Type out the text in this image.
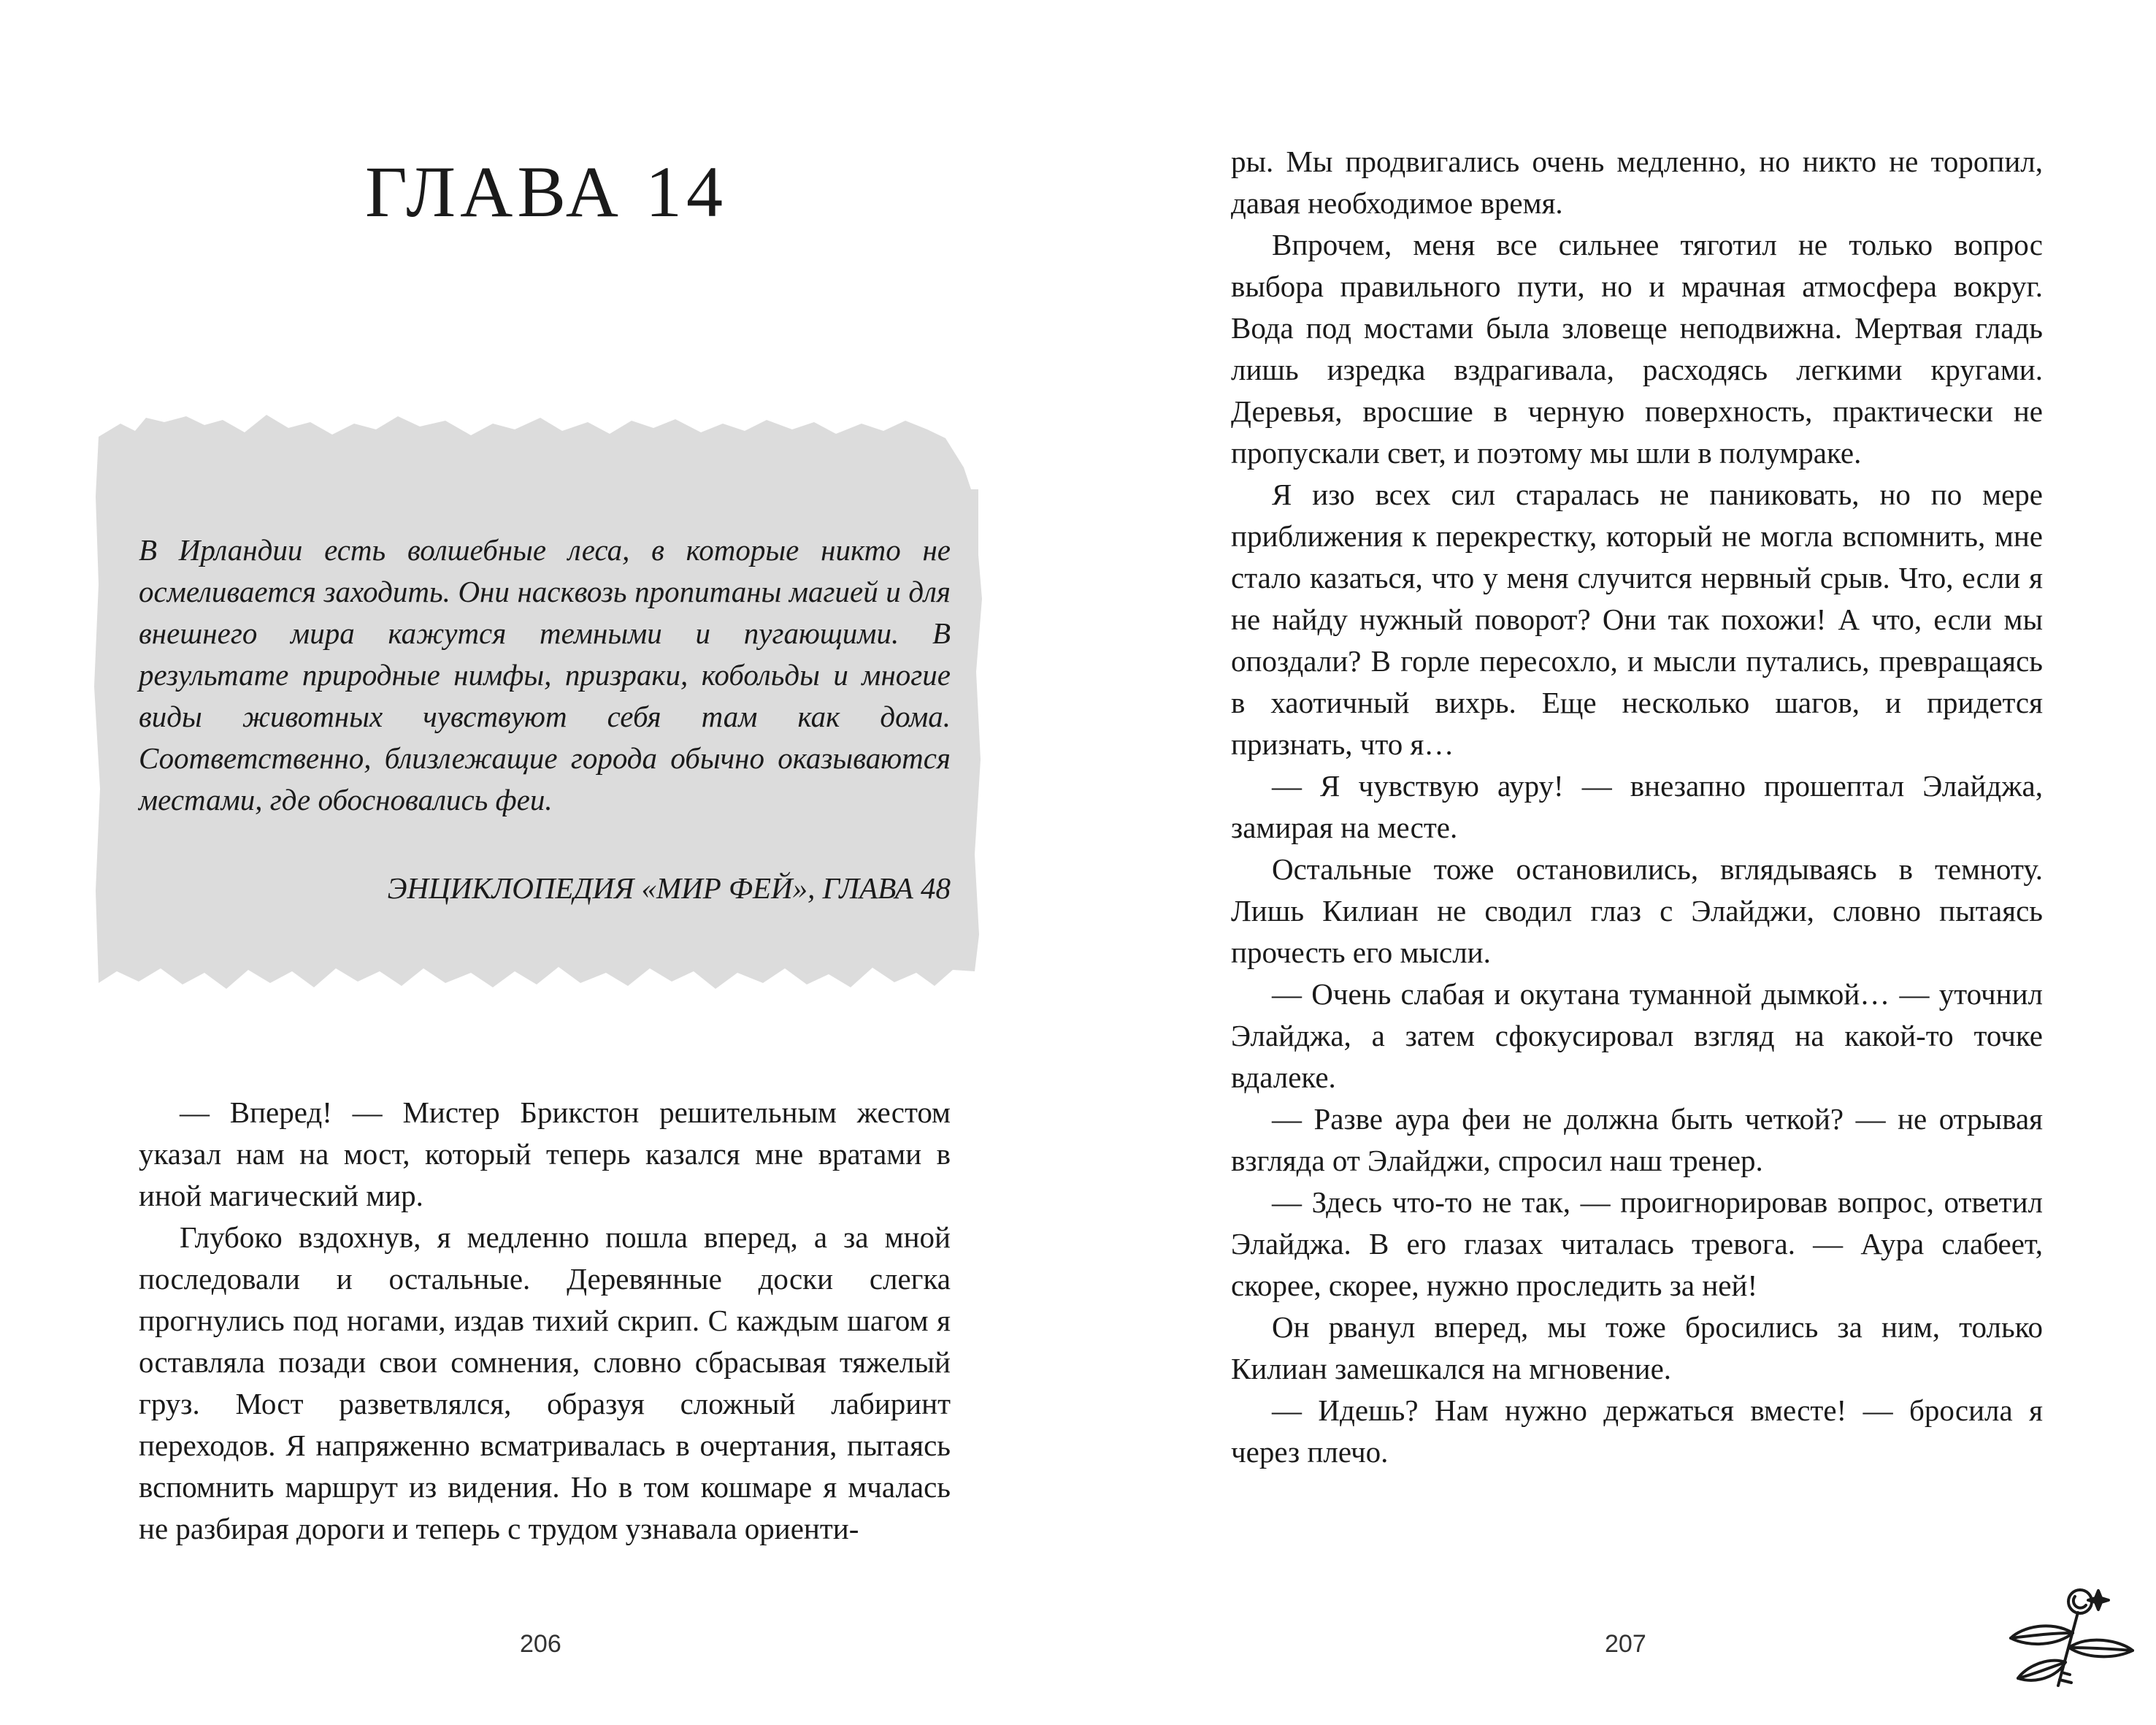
ГЛАВА 14
В Ирландии есть волшебные леса, в которые никто не осмеливается заходить. Они насквозь пропитаны магией и для внешнего мира кажутся темными и пугающими. В результате природные нимфы, призраки, кобольды и многие виды животных чувствуют себя там как дома. Соответственно, близлежащие города обычно оказываются местами, где обосновались феи.
ЭНЦИКЛОПЕДИЯ «МИР ФЕЙ», ГЛАВА 48

— Вперед! — Мистер Брикстон решительным жестом указал нам на мост, который теперь казался мне вратами в иной магический мир.

Глубоко вздохнув, я медленно пошла вперед, а за мной последовали и остальные. Деревянные доски слегка прогнулись под ногами, издав тихий скрип. С каждым шагом я оставляла позади свои сомнения, словно сбрасывая тяжелый груз. Мост разветвлялся, образуя сложный лабиринт переходов. Я напряженно всматривалась в очертания, пытаясь вспомнить маршрут из видения. Но в том кошмаре я мчалась не разбирая дороги и теперь с трудом узнавала ориенти-

206

ры. Мы продвигались очень медленно, но никто не торопил, давая необходимое время.

Впрочем, меня все сильнее тяготил не только вопрос выбора правильного пути, но и мрачная атмосфера вокруг. Вода под мостами была зловеще неподвижна. Мертвая гладь лишь изредка вздрагивала, расходясь легкими кругами. Деревья, вросшие в черную поверхность, практически не пропускали свет, и поэтому мы шли в полумраке.

Я изо всех сил старалась не паниковать, но по мере приближения к перекрестку, который не могла вспомнить, мне стало казаться, что у меня случится нервный срыв. Что, если я не найду нужный поворот? Они так похожи! А что, если мы опоздали? В горле пересохло, и мысли путались, превращаясь в хаотичный вихрь. Еще несколько шагов, и придется признать, что я…

— Я чувствую ауру! — внезапно прошептал Элайджа, замирая на месте.

Остальные тоже остановились, вглядываясь в темноту. Лишь Килиан не сводил глаз с Элайджи, словно пытаясь прочесть его мысли.

— Очень слабая и окутана туманной дымкой… — уточнил Элайджа, а затем сфокусировал взгляд на какой-то точке вдалеке.

— Разве аура феи не должна быть четкой? — не отрывая взгляда от Элайджи, спросил наш тренер.

— Здесь что-то не так, — проигнорировав вопрос, ответил Элайджа. В его глазах читалась тревога. — Аура слабеет, скорее, скорее, нужно проследить за ней!

Он рванул вперед, мы тоже бросились за ним, только Килиан замешкался на мгновение.

— Идешь? Нам нужно держаться вместе! — бросила я через плечо.

207
